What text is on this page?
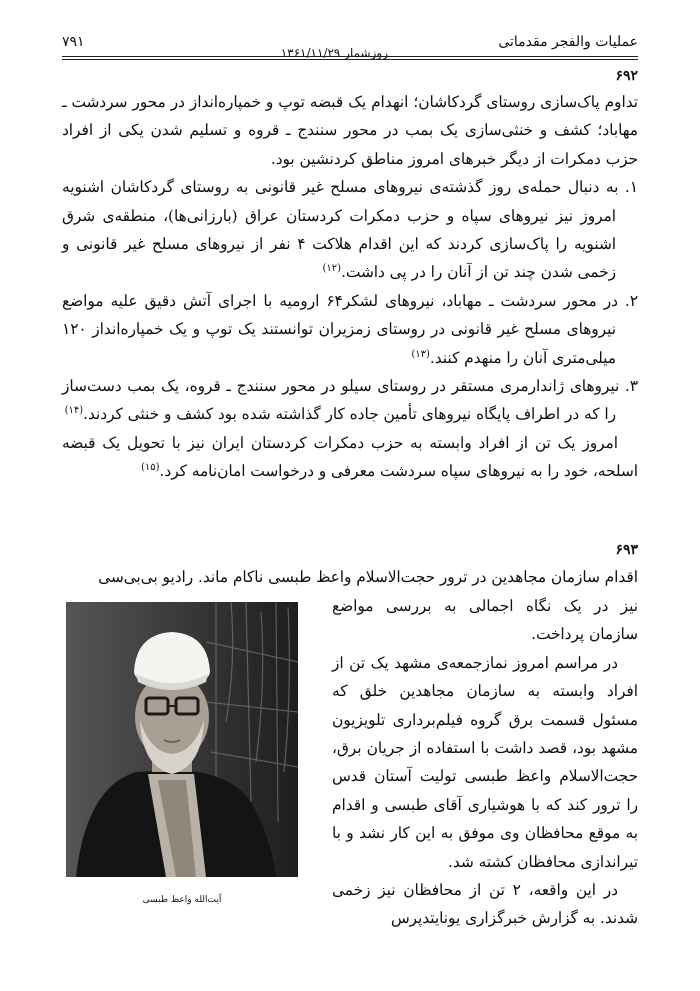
عملیات والفجر مقدماتی
روزشمار ۱۳۶۱/۱۱/۲۹
۷۹۱
۶۹۲

تداوم پاک‌سازی روستای گردکاشان؛ انهدام یک قبضه توپ و خمپاره‌انداز در محور سردشت ـ مهاباد؛ کشف و خنثی‌سازی یک بمب در محور سنندج ـ قروه و تسلیم شدن یکی از افراد حزب دمکرات از دیگر خبرهای امروز مناطق کردنشین بود.

۱. به دنبال حمله‌ی روز گذشته‌ی نیروهای مسلح غیر قانونی به روستای گردکاشان اشنویه امروز نیز نیروهای سپاه و حزب دمکرات کردستان عراق (بارزانی‌ها)، منطقه‌ی شرق اشنویه را پاک‌سازی کردند که این اقدام هلاکت ۴ نفر از نیروهای مسلح غیر قانونی و زخمی شدن چند تن از آنان را در پی داشت.$^{(۱۲)}$

۲. در محور سردشت ـ مهاباد، نیروهای لشکر۶۴ ارومیه با اجرای آتش دقیق علیه مواضع نیروهای مسلح غیر قانونی در روستای زمزیران توانستند یک توپ و یک خمپاره‌انداز ۱۲۰ میلی‌متری آنان را منهدم کنند.$^{(۱۳)}$

۳. نیروهای ژاندارمری مستقر در روستای سیلو در محور سنندج ـ قروه، یک بمب دست‌ساز را که در اطراف پایگاه نیروهای تأمین جاده کار گذاشته شده بود کشف و خنثی کردند.$^{(۱۴)}$

امروز یک تن از افراد وابسته به حزب دمکرات کردستان ایران نیز با تحویل یک قبضه اسلحه، خود را به نیروهای سپاه سردشت معرفی و درخواست امان‌نامه کرد.$^{(۱۵)}$

۶۹۳

اقدام سازمان مجاهدین در ترور حجت‌الاسلام واعظ طبسی ناکام ماند. رادیو بی‌بی‌سی

نیز در یک نگاه اجمالی به بررسی مواضع سازمان پرداخت.

در مراسم امروز نمازجمعه‌ی مشهد یک تن از افراد وابسته به سازمان مجاهدین خلق که مسئول قسمت برق گروه فیلم‌برداری تلویزیون مشهد بود، قصد داشت با استفاده از جریان برق، حجت‌الاسلام واعظ طبسی تولیت آستان قدس را ترور کند که با هوشیاری آقای طبسی و اقدام به موقع محافظان وی موفق به این کار نشد و با تیراندازی محافظان کشته شد.

در این واقعه، ۲ تن از محافظان نیز زخمی شدند. به گزارش خبرگزاری یونایتدپرس

آیت‌الله واعظ طبسی
